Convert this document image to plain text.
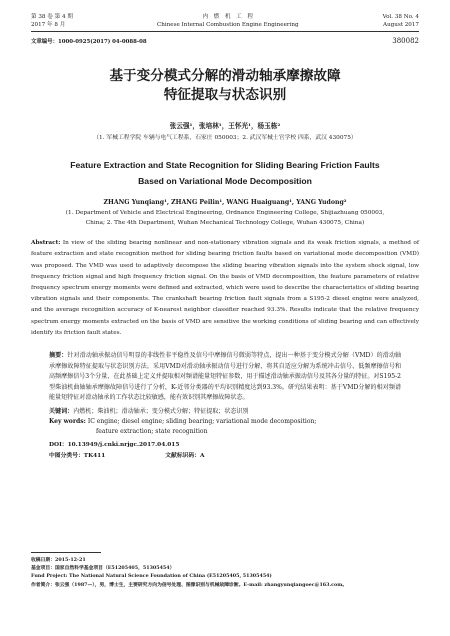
第 38 卷 第 4 期
2017 年 8 月
内　燃　机　工　程
Chinese Internal Combustion Engine Engineering
Vol. 38 No. 4
August 2017
文章编号：1000-0925(2017) 04-0088-08	380082
基于变分模式分解的滑动轴承摩擦故障
特征提取与状态识别
张云强¹，张培林¹，王怀光¹，杨玉栋²
（1. 军械工程学院 车辆与电气工程系，石家庄 050003；2. 武汉军械士官学校 四系，武汉 430075）
Feature Extraction and State Recognition for Sliding Bearing Friction Faults
Based on Variational Mode Decomposition
ZHANG Yunqiang¹, ZHANG Peilin¹, WANG Huaiguang¹, YANG Yudong²
(1. Department of Vehicle and Electrical Engineering, Ordnance Engineering College, Shijiazhuang 050003,
China; 2. The 4th Department, Wuhan Mechanical Technology College, Wuhan 430075, China)
Abstract: In view of the sliding bearing nonlinear and non-stationary vibration signals and its weak friction signals, a method of feature extraction and state recognition method for sliding bearing friction faults based on variational mode decomposition (VMD) was proposed. The VMD was used to adaptively decompose the sliding bearing vibration signals into the system shock signal, low frequency friction signal and high frequency friction signal. On the basis of VMD decomposition, the feature parameters of relative frequency spectrum energy moments were defined and extracted, which were used to describe the characteristics of sliding bearing vibration signals and their components. The crankshaft bearing friction fault signals from a S195-2 diesel engine were analyzed, and the average recognition accuracy of K-nearest neighbor classifier reached 93.3%. Results indicate that the relative frequency spectrum energy moments extracted on the basis of VMD are sensitive the working conditions of sliding bearing and can effectively identify its friction fault states.
摘要：针对滑动轴承振动信号明显的非线性非平稳性及信号中摩擦信号微弱等特点，提出一种基于变分模式分解（VMD）的滑动轴承摩擦故障特征提取与状态识别方法。采用VMD对滑动轴承振动信号进行分解，将其自适应分解为系统冲击信号、低频摩擦信号和高频摩擦信号3个分量，在此基础上定义并提取相对频谱能量矩特征参数，用于描述滑动轴承振动信号及其各分量的特征。对S195-2型柴油机曲轴轴承摩擦故障信号进行了分析，K-近邻分类器的平均识别精度达到93.3%。研究结果表明：基于VMD分解的相对频谱能量矩特征对滑动轴承的工作状态比较敏感，能有效识别其摩擦故障状态。
关键词：内燃机；柴油机；滑动轴承；变分模式分解；特征提取；状态识别
Key words: IC engine; diesel engine; sliding bearing; variational mode decomposition;
feature extraction; state recognition
DOI：10.13949/j.cnki.nrjgc.2017.04.015
中图分类号：TK411	文献标识码：A
收稿日期：2015-12-21
基金项目：国家自然科学基金项目（E51205405，51305454）
Fund Project: The National Natural Science Foundation of China (E51205405, 51305454)
作者简介：张云强（1987—），男，博士生，主要研究方向为信号处理、图像识别与机械故障诊断。E-mail: zhangyunqiangoec@163.com。
